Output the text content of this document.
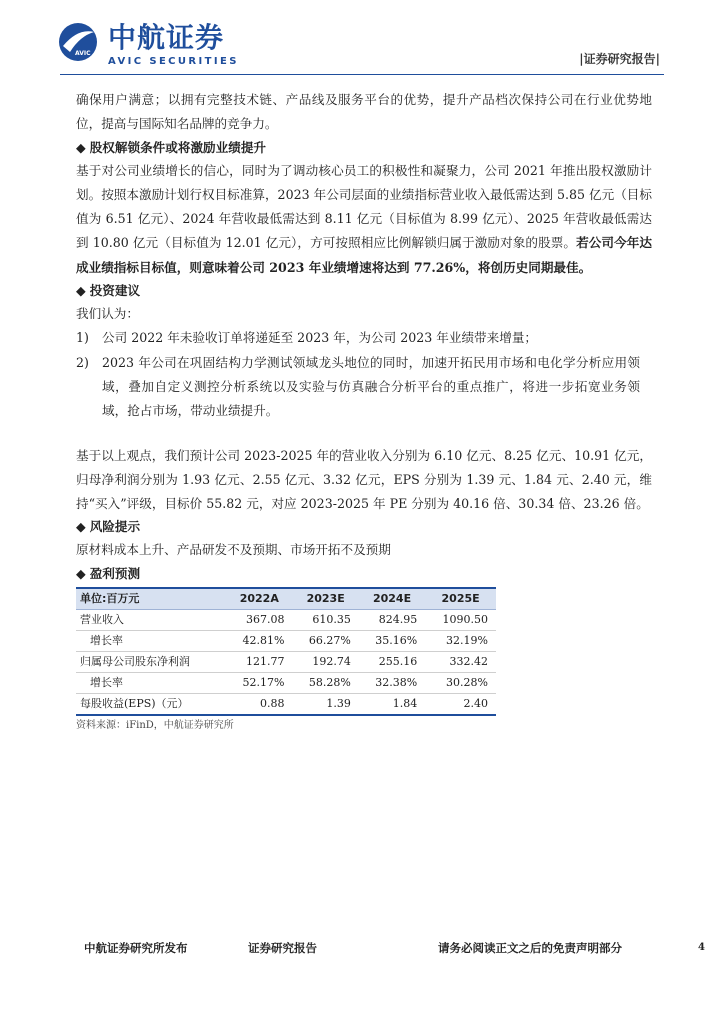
AVIC 中航证券
AVIC SECURITIES	|证券研究报告|

确保用户满意；以拥有完整技术链、产品线及服务平台的优势，提升产品档次保持公司在行业优势地位，提高与国际知名品牌的竞争力。

◆ 股权解锁条件或将激励业绩提升

基于对公司业绩增长的信心，同时为了调动核心员工的积极性和凝聚力，公司 2021 年推出股权激励计划。按照本激励计划行权目标准算，2023 年公司层面的业绩指标营业收入最低需达到 5.85 亿元（目标值为 6.51 亿元）、2024 年营收最低需达到 8.11 亿元（目标值为 8.99 亿元）、2025 年营收最低需达到 10.80 亿元（目标值为 12.01 亿元），方可按照相应比例解锁归属于激励对象的股票。若公司今年达成业绩指标目标值，则意味着公司 2023 年业绩增速将达到 77.26%，将创历史同期最佳。

◆ 投资建议

我们认为：

1)	公司 2022 年未验收订单将递延至 2023 年，为公司 2023 年业绩带来增量；
2)	2023 年公司在巩固结构力学测试领域龙头地位的同时，加速开拓民用市场和电化学分析应用领域，叠加自定义测控分析系统以及实验与仿真融合分析平台的重点推广，将进一步拓宽业务领域，抢占市场，带动业绩提升。

基于以上观点，我们预计公司 2023-2025 年的营业收入分别为 6.10 亿元、8.25 亿元、10.91 亿元，归母净利润分别为 1.93 亿元、2.55 亿元、3.32 亿元，EPS 分别为 1.39 元、1.84 元、2.40 元，维持“买入”评级，目标价 55.82 元，对应 2023-2025 年 PE 分别为 40.16 倍、30.34 倍、23.26 倍。

◆ 风险提示

原材料成本上升、产品研发不及预期、市场开拓不及预期

◆ 盈利预测

单位:百万元	2022A	2023E	2024E	2025E
营业收入	367.08	610.35	824.95	1090.50
增长率	42.81%	66.27%	35.16%	32.19%
归属母公司股东净利润	121.77	192.74	255.16	332.42
增长率	52.17%	58.28%	32.38%	30.28%
每股收益(EPS)（元）	0.88	1.39	1.84	2.40
资料来源：iFinD，中航证券研究所
中航证券研究所发布	证券研究报告	请务必阅读正文之后的免责声明部分	4
